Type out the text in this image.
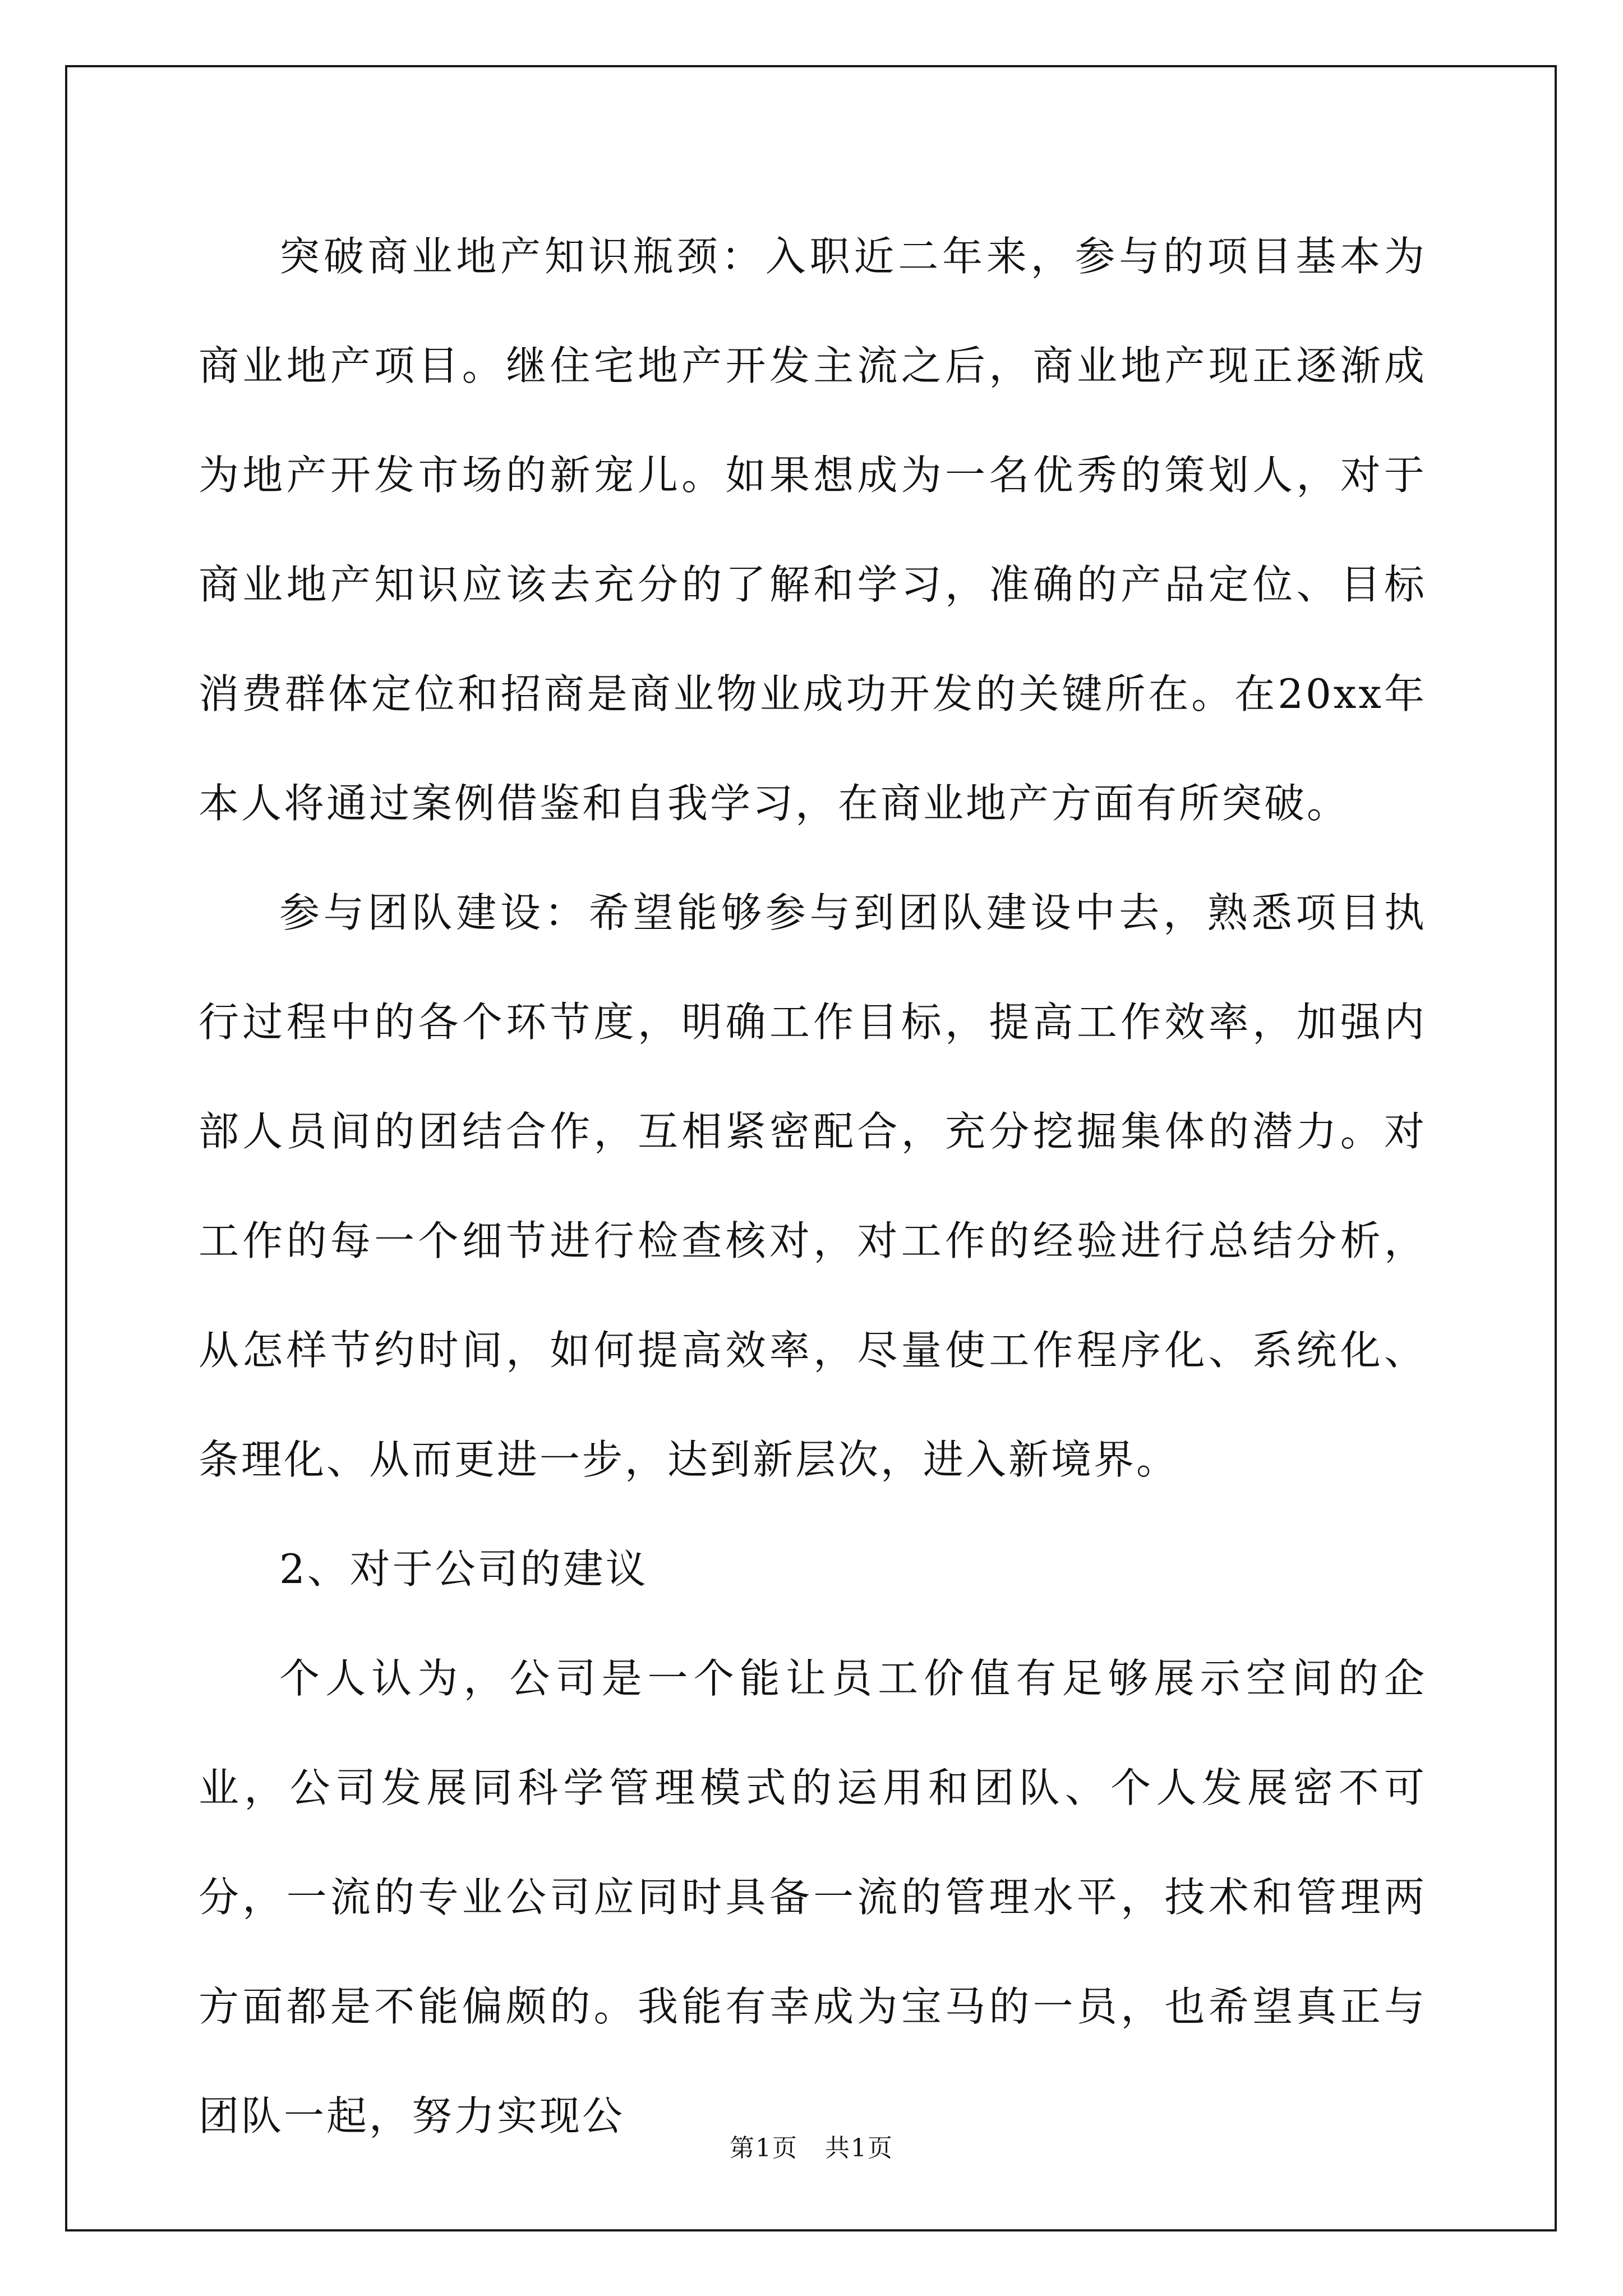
突破商业地产知识瓶颈：入职近二年来，参与的项目基本为商业地产项目。继住宅地产开发主流之后，商业地产现正逐渐成为地产开发市场的新宠儿。如果想成为一名优秀的策划人，对于商业地产知识应该去充分的了解和学习，准确的产品定位、目标消费群体定位和招商是商业物业成功开发的关键所在。在20xx年本人将通过案例借鉴和自我学习，在商业地产方面有所突破。

参与团队建设：希望能够参与到团队建设中去，熟悉项目执行过程中的各个环节度，明确工作目标，提高工作效率，加强内部人员间的团结合作，互相紧密配合，充分挖掘集体的潜力。对工作的每一个细节进行检查核对，对工作的经验进行总结分析，从怎样节约时间，如何提高效率，尽量使工作程序化、系统化、条理化、从而更进一步，达到新层次，进入新境界。

2、对于公司的建议

个人认为，公司是一个能让员工价值有足够展示空间的企业，公司发展同科学管理模式的运用和团队、个人发展密不可分，一流的专业公司应同时具备一流的管理水平，技术和管理两方面都是不能偏颇的。我能有幸成为宝马的一员，也希望真正与团队一起，努力实现公

第1页   共1页
